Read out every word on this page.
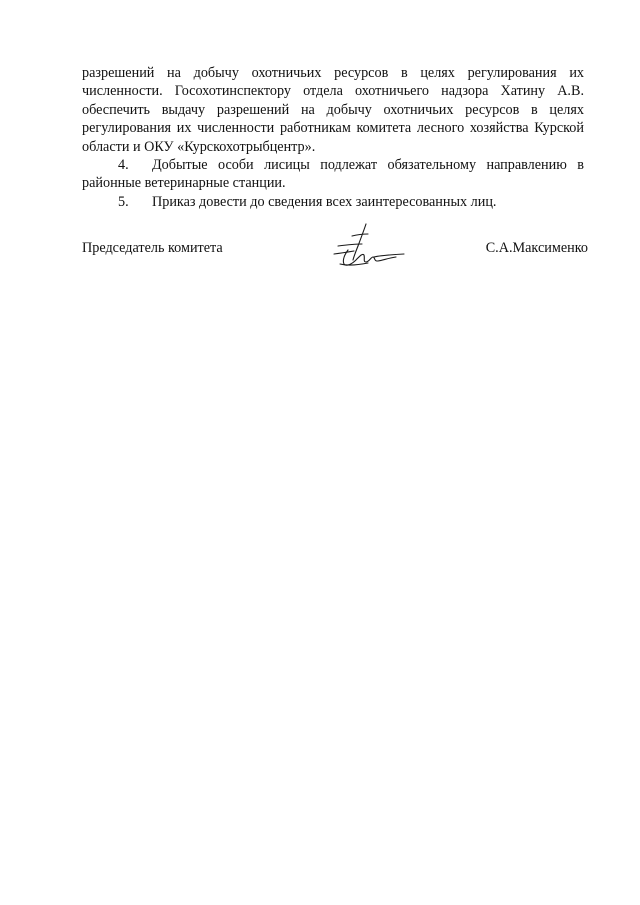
разрешений на добычу охотничьих ресурсов в целях регулирования их численности. Госохотинспектору отдела охотничьего надзора Хатину А.В. обеспечить выдачу разрешений на добычу охотничьих ресурсов в целях регулирования их численности работникам комитета лесного хозяйства Курской области и ОКУ «Курскохотрыбцентр».

4. Добытые особи лисицы подлежат обязательному направлению в районные ветеринарные станции.

5. Приказ довести до сведения всех заинтересованных лиц.

Председатель комитета	С.А.Максименко
